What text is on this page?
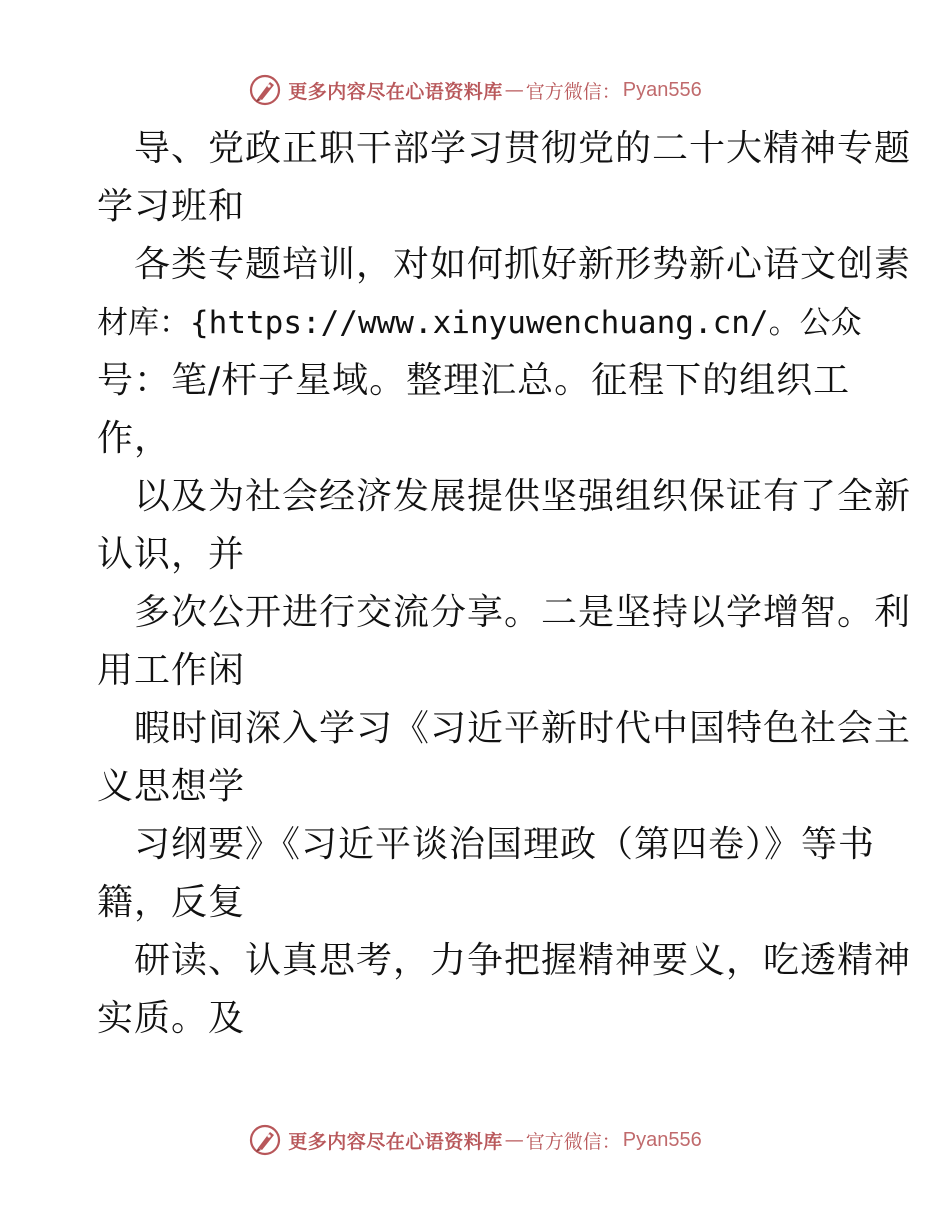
更多内容尽在心语资料库 — 官方微信： Pyan556
导、党政正职干部学习贯彻党的二十大精神专题
学习班和
各类专题培训，对如何抓好新形势新心语文创素
材库：{https://www.xinyuwenchuang.cn/。公众
号：笔/杆子星域。整理汇总。征程下的组织工
作，
以及为社会经济发展提供坚强组织保证有了全新
认识，并
多次公开进行交流分享。二是坚持以学增智。利
用工作闲
暇时间深入学习《习近平新时代中国特色社会主
义思想学
习纲要》《习近平谈治国理政（第四卷）》等书
籍，反复
研读、认真思考，力争把握精神要义，吃透精神
实质。及
更多内容尽在心语资料库 — 官方微信： Pyan556
